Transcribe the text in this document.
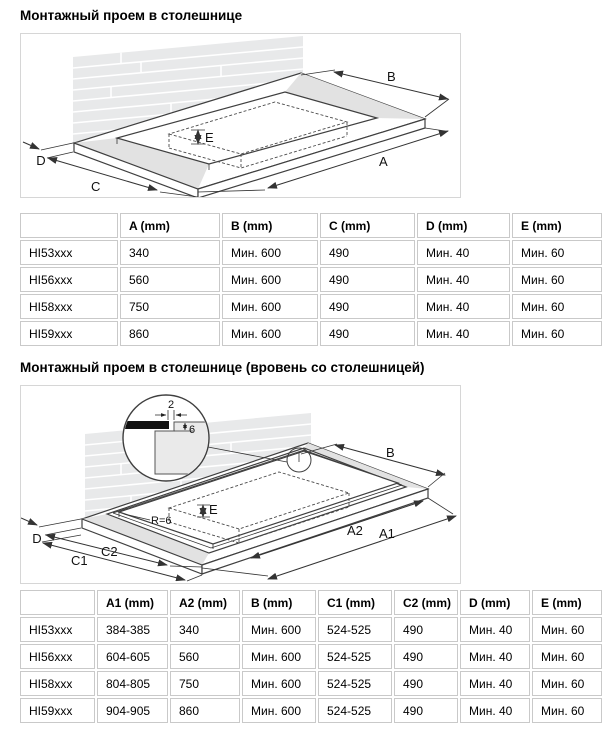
Монтажный проем в столешнице
E
B
A
C
D
	A (mm)	B (mm)	C (mm)	D (mm)	E (mm)
HI53xxx	340	Мин. 600	490	Мин. 40	Мин. 60
HI56xxx	560	Мин. 600	490	Мин. 40	Мин. 60
HI58xxx	750	Мин. 600	490	Мин. 40	Мин. 60
HI59xxx	860	Мин. 600	490	Мин. 40	Мин. 60
Монтажный проем в столешнице (вровень со столешницей)
E
R=6
B
A2 A1
C2
C1
D
2
6
	A1 (mm)	A2 (mm)	B (mm)	C1 (mm)	C2 (mm)	D (mm)	E (mm)
HI53xxx	384-385	340	Мин. 600	524-525	490	Мин. 40	Мин. 60
HI56xxx	604-605	560	Мин. 600	524-525	490	Мин. 40	Мин. 60
HI58xxx	804-805	750	Мин. 600	524-525	490	Мин. 40	Мин. 60
HI59xxx	904-905	860	Мин. 600	524-525	490	Мин. 40	Мин. 60
